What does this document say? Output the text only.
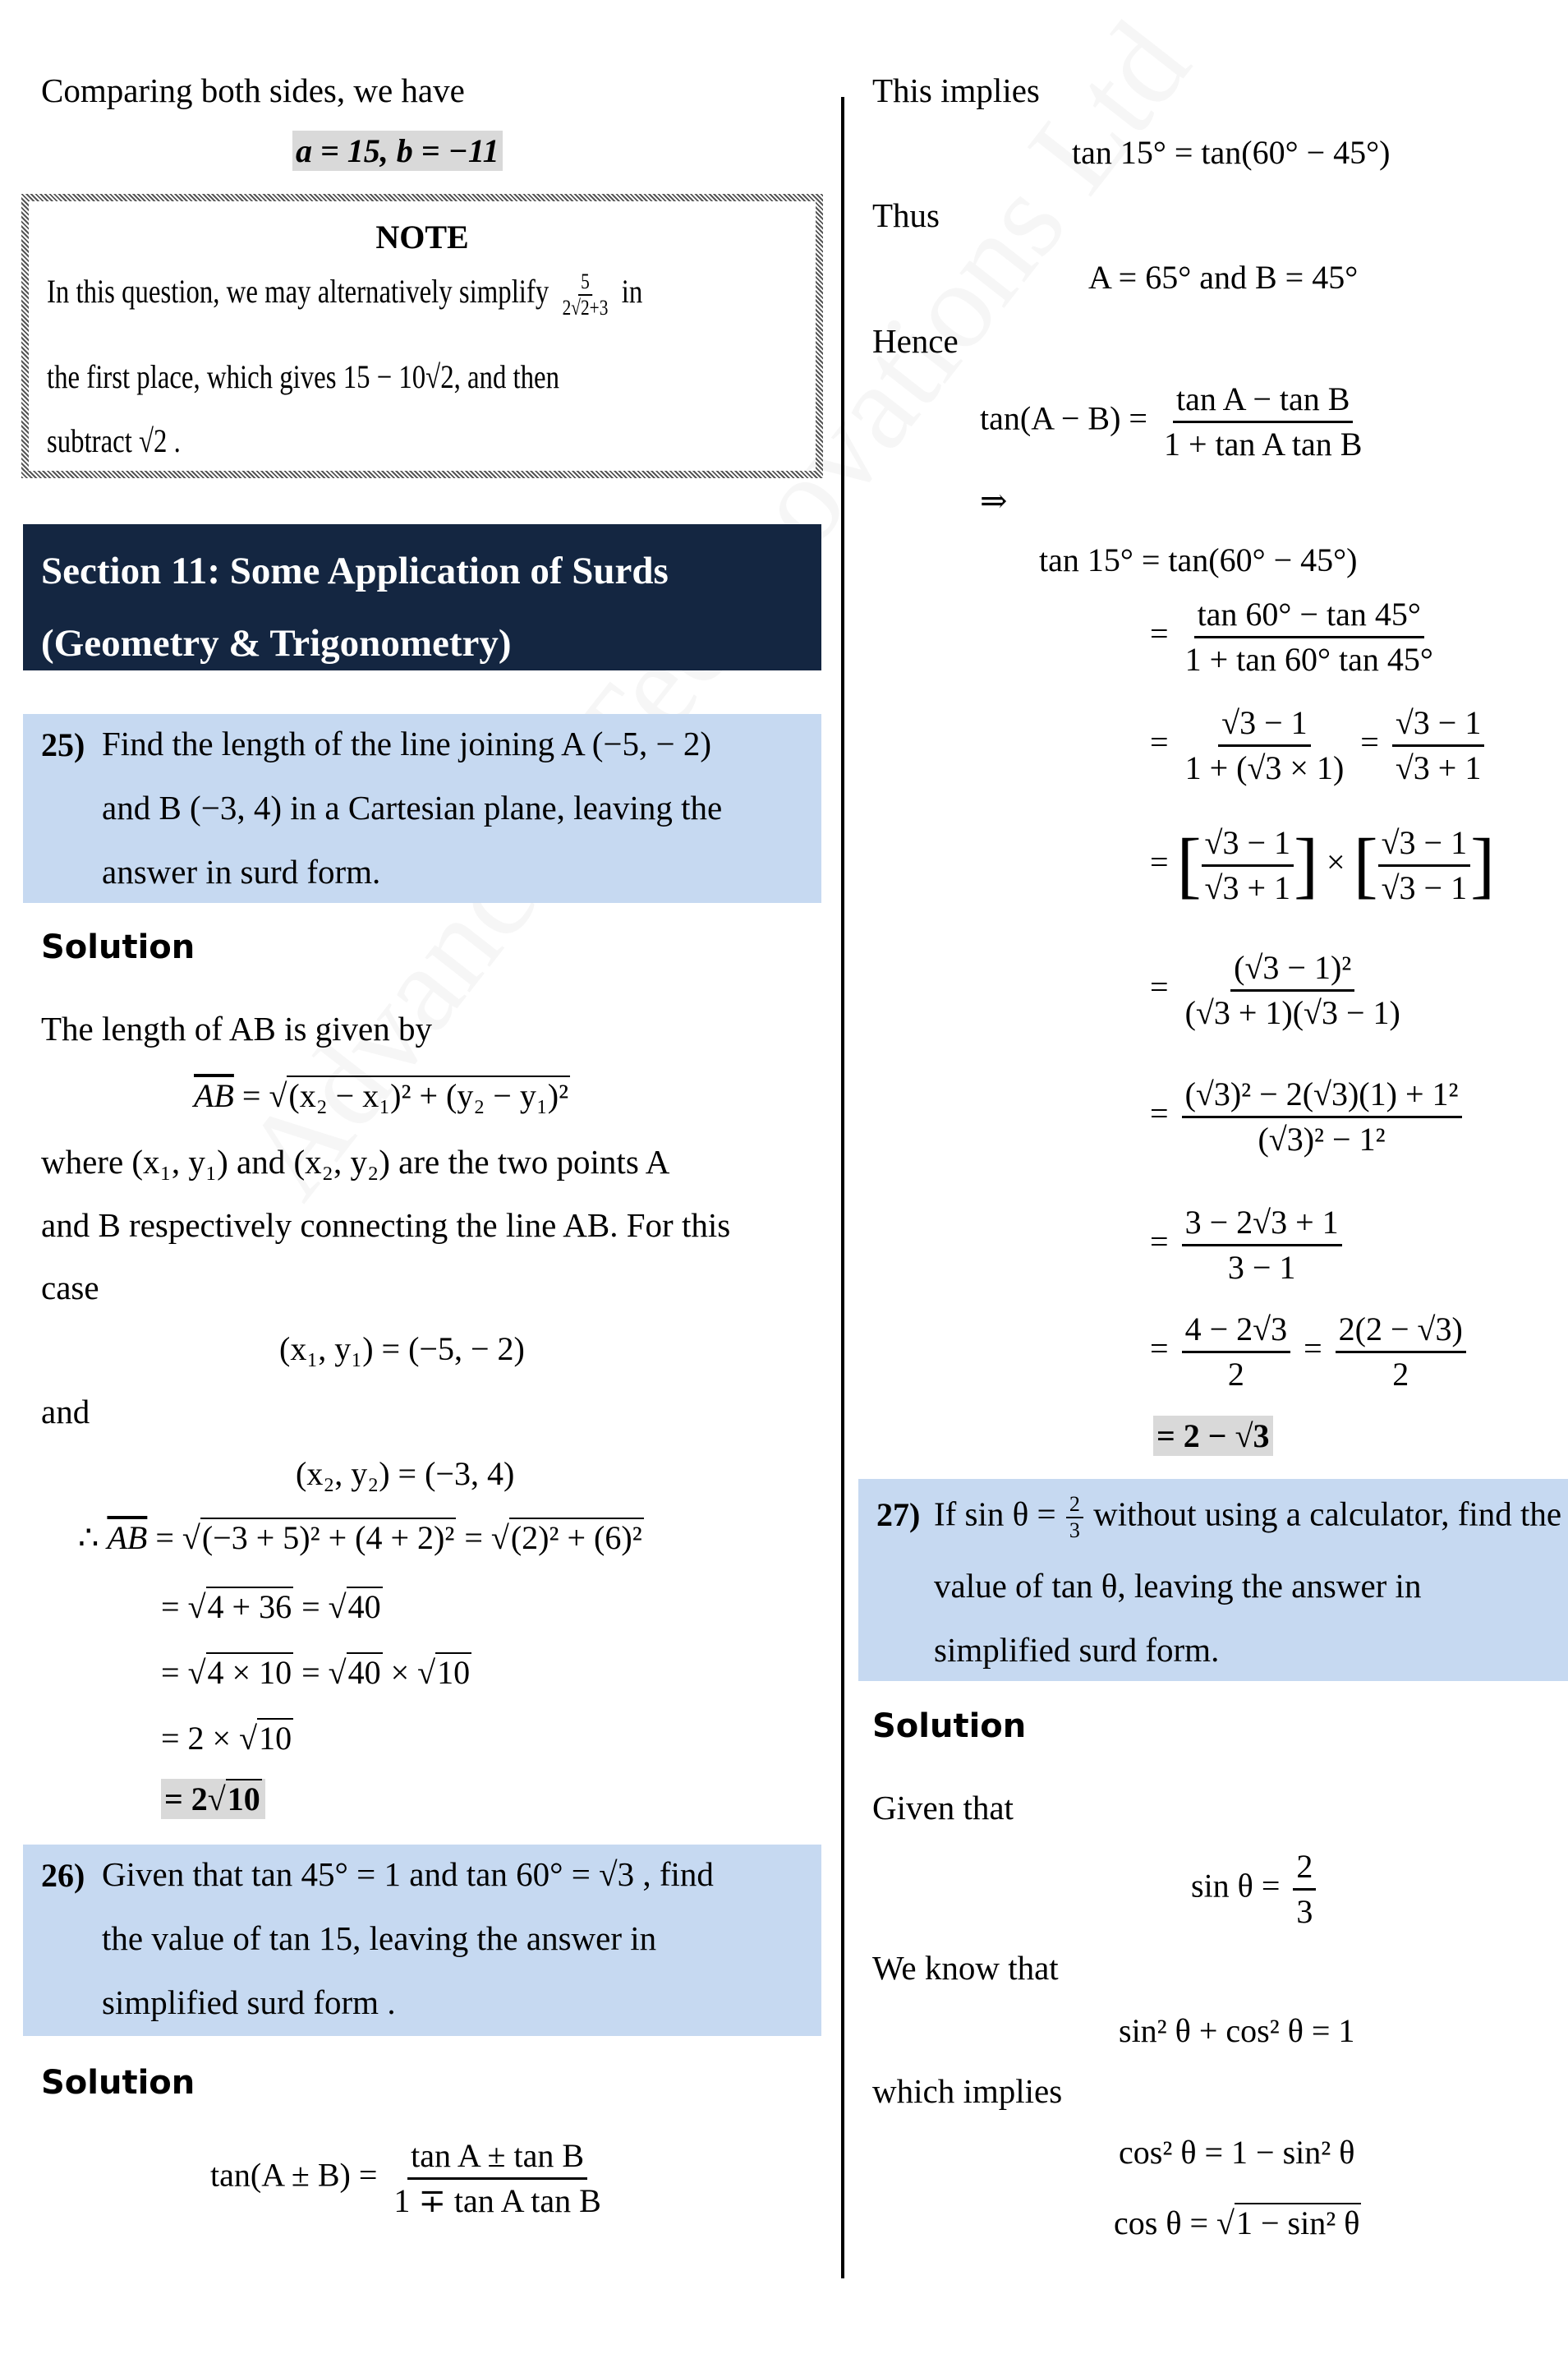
Comparing both sides, we have
a = 15, b = −11
NOTE
In this question, we may alternatively simplify $\frac{5}{2√2+3}$ in
the first place, which gives 15 − 10√2, and then
subtract √2 .
Section 11: Some Application of Surds
(Geometry & Trigonometry)
25) Find the length of the line joining A (−5, − 2)
and B (−3, 4) in a Cartesian plane, leaving the
answer in surd form.
Solution
The length of AB is given by
$\overline{AB} = √(x_2 - x_1)^2 + (y_2 - y_1)^2$
where (x₁, y₁) and (x₂, y₂) are the two points A
and B respectively connecting the line AB. For this
case
(x₁, y₁) = (−5, − 2)
and
(x₂, y₂) = (−3, 4)
∴ $\overline{AB} = √(-3 + 5)^2 + (4 + 2)^2 = √(2)^2 + (6)^2$
= √4 + 36 = √40
= √4 × 10 = √40 × √10
= 2 × √10
= 2√10
26) Given that tan 45° = 1 and tan 60° = √3 , find
the value of tan 15, leaving the answer in
simplified surd form .
Solution
$\tan(A \pm B) = \frac{\text{tan A ± tan B}}{\text{1 ∓ tan A tan B}}$
This implies
tan 15° = tan(60° − 45°)
Thus
A = 65° and B = 45°
Hence
$\tan(A - B) = \frac{\text{tan A − tan B}}{\text{1 + tan A tan B}}$
⇒
tan 15° = tan(60° − 45°)
= $\frac{\tan 60^\circ - \tan 45^\circ}{1 + \tan 60^\circ \tan 45^\circ}$
= $\frac{√3 - 1}{1 + (√3 \times 1)} = \frac{√3 - 1}{√3 + 1}$
= [ $\frac{√3 - 1}{√3 + 1}$ ] × [ $\frac{√3 - 1}{√3 - 1}$ ]
= $\frac{\text{(√3 − 1)²}}{(√3 + 1)(√3 - 1)}$
= $\frac{\text{(√3)² − 2(√3)(1) + 1²}}{\text{(√3)² − 1²}}$
= $\frac{3 - 2√3 + 1}{3 - 1}$
= $\frac{4 - 2√3}{2} = \frac{2(2 - √3)}{2}$
= 2 − √3
27) If $\sin \theta = \frac{2}{3}$ without using a calculator, find the
value of tan θ, leaving the answer in
simplified surd form.
Solution
Given that
$\sin \theta = \frac{2}{3}$
We know that
sin² θ + cos² θ = 1
which implies
cos² θ = 1 − sin² θ
cos θ = √1 − sin² θ
